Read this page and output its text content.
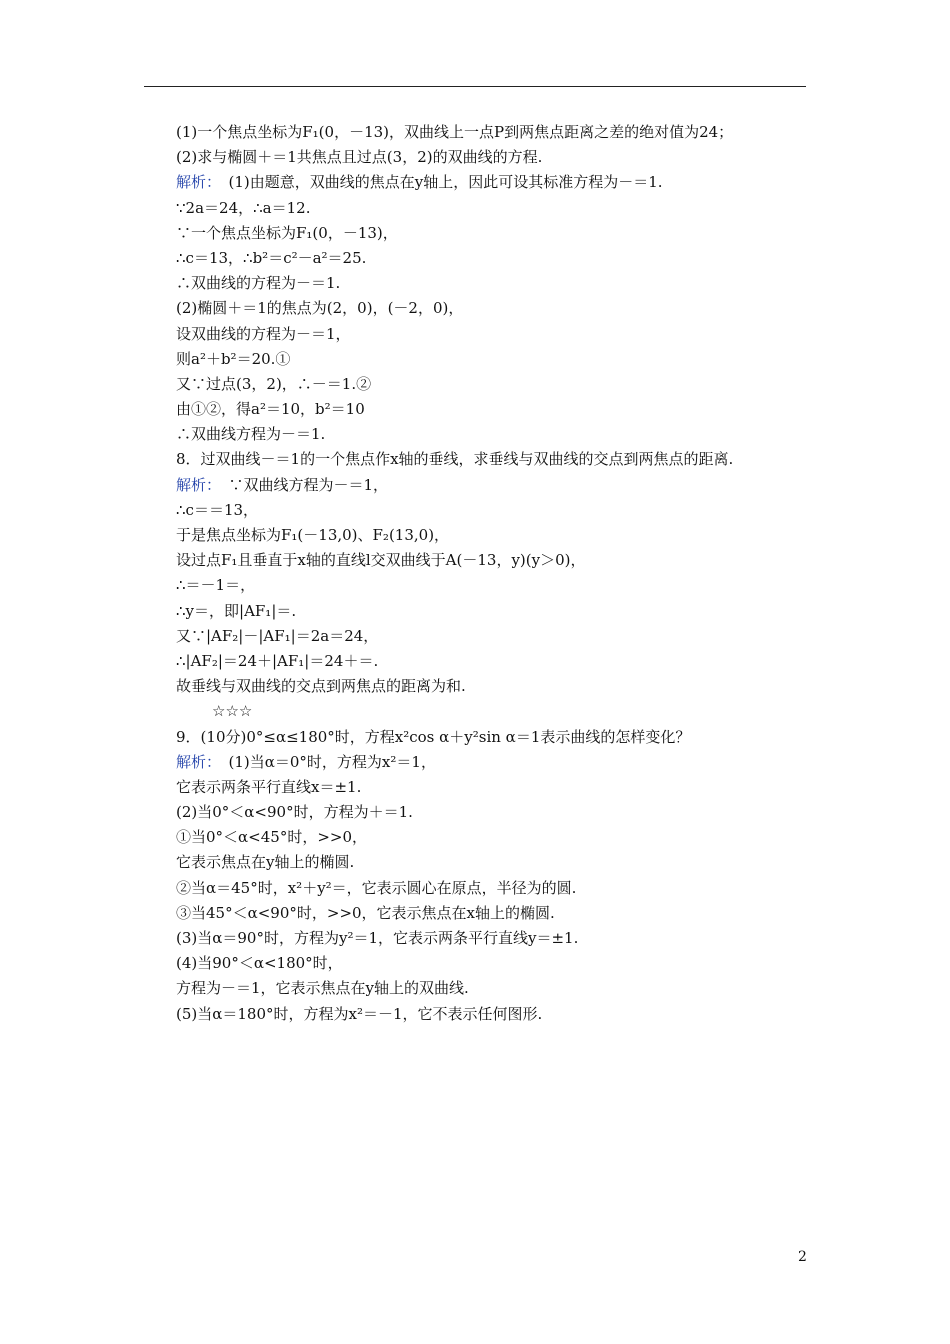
(1)一个焦点坐标为F₁(0，－13)，双曲线上一点P到两焦点距离之差的绝对值为24；
(2)求与椭圆＋＝1共焦点且过点(3，2)的双曲线的方程.
解析：　(1)由题意，双曲线的焦点在y轴上，因此可设其标准方程为－＝1.
∵2a＝24，∴a＝12.
∵一个焦点坐标为F₁(0，－13)，
∴c＝13，∴b²＝c²－a²＝25.
∴双曲线的方程为－＝1.
(2)椭圆＋＝1的焦点为(2，0)，(－2，0)，
设双曲线的方程为－＝1，
则a²＋b²＝20.①
又∵过点(3，2)，∴－＝1.②
由①②，得a²＝10，b²＝10
∴双曲线方程为－＝1.
8．过双曲线－＝1的一个焦点作x轴的垂线，求垂线与双曲线的交点到两焦点的距离.
解析：　∵双曲线方程为－＝1，
∴c＝＝13，
于是焦点坐标为F₁(－13,0)、F₂(13,0)，
设过点F₁且垂直于x轴的直线l交双曲线于A(－13，y)(y＞0)，
∴＝－1＝，
∴y＝，即|AF₁|＝.
又∵|AF₂|－|AF₁|＝2a＝24，
∴|AF₂|＝24＋|AF₁|＝24＋＝.
故垂线与双曲线的交点到两焦点的距离为和.
☆☆☆
9．(10分)0°≤α≤180°时，方程x²cos α＋y²sin α＝1表示曲线的怎样变化？
解析：　(1)当α＝0°时，方程为x²＝1，
它表示两条平行直线x＝±1.
(2)当0°＜α<90°时，方程为＋＝1.
①当0°＜α<45°时，>>0，
它表示焦点在y轴上的椭圆.
②当α＝45°时，x²＋y²＝，它表示圆心在原点，半径为的圆.
③当45°＜α<90°时，>>0，它表示焦点在x轴上的椭圆.
(3)当α＝90°时，方程为y²＝1，它表示两条平行直线y＝±1.
(4)当90°＜α<180°时，
方程为－＝1，它表示焦点在y轴上的双曲线.
(5)当α＝180°时，方程为x²＝－1，它不表示任何图形.
2
